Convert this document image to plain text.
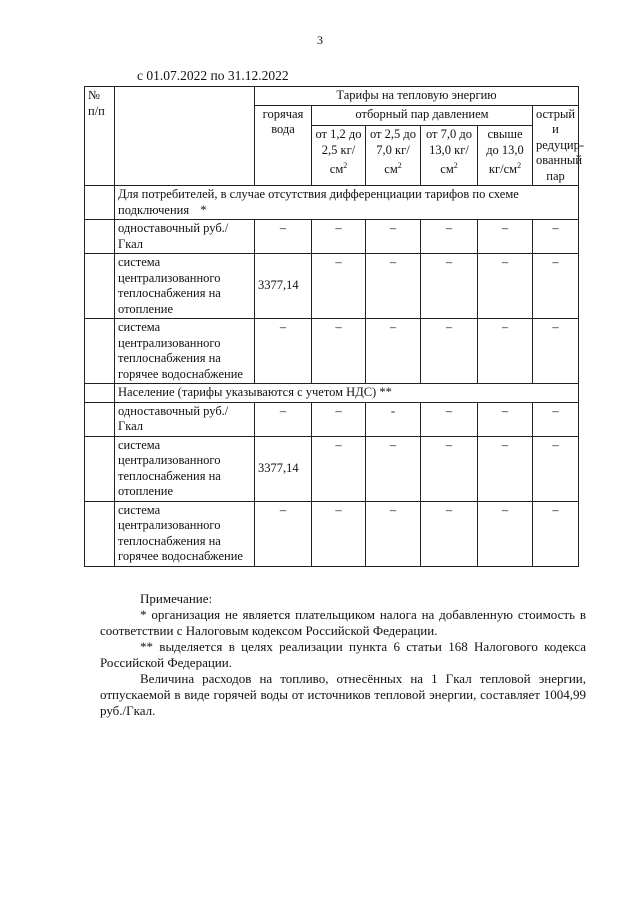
3
с 01.07.2022 по 31.12.2022
№ п/п		Тарифы на тепловую энергию					
		горячая вода	отборный пар давлением				острый и редуцир-ованный пар
			от 1,2 до 2,5 $кг/см^2$	от 2,5 до 7,0 $кг/см^2$	от 7,0 до 13,0 $кг/см^2$	свыше до 13,0 $кг/см^2$
	Для потребителей, в случае отсутствия дифференциации тарифов по схеме подключения *						
	одноставочный руб./Гкал	–	–	–	–	–	–
	система централизованного теплоснабжения на отопление	3377,14	–	–	–	–	–
	система централизованного теплоснабжения на горячее водоснабжение	–	–	–	–	–	–
	Население (тарифы указываются с учетом НДС) **						
	одноставочный руб./Гкал	–	–	-	–	–	–
	система централизованного теплоснабжения на отопление	3377,14	–	–	–	–	–
	система централизованного теплоснабжения на горячее водоснабжение	–	–	–	–	–	–

Примечание:

* организация не является плательщиком налога на добавленную стоимость в соответствии с Налоговым кодексом Российской Федерации.

** выделяется в целях реализации пункта 6 статьи 168 Налогового кодекса Российской Федерации.

Величина расходов на топливо, отнесённых на 1 Гкал тепловой энергии, отпускаемой в виде горячей воды от источников тепловой энергии, составляет 1004,99 руб./Гкал.
